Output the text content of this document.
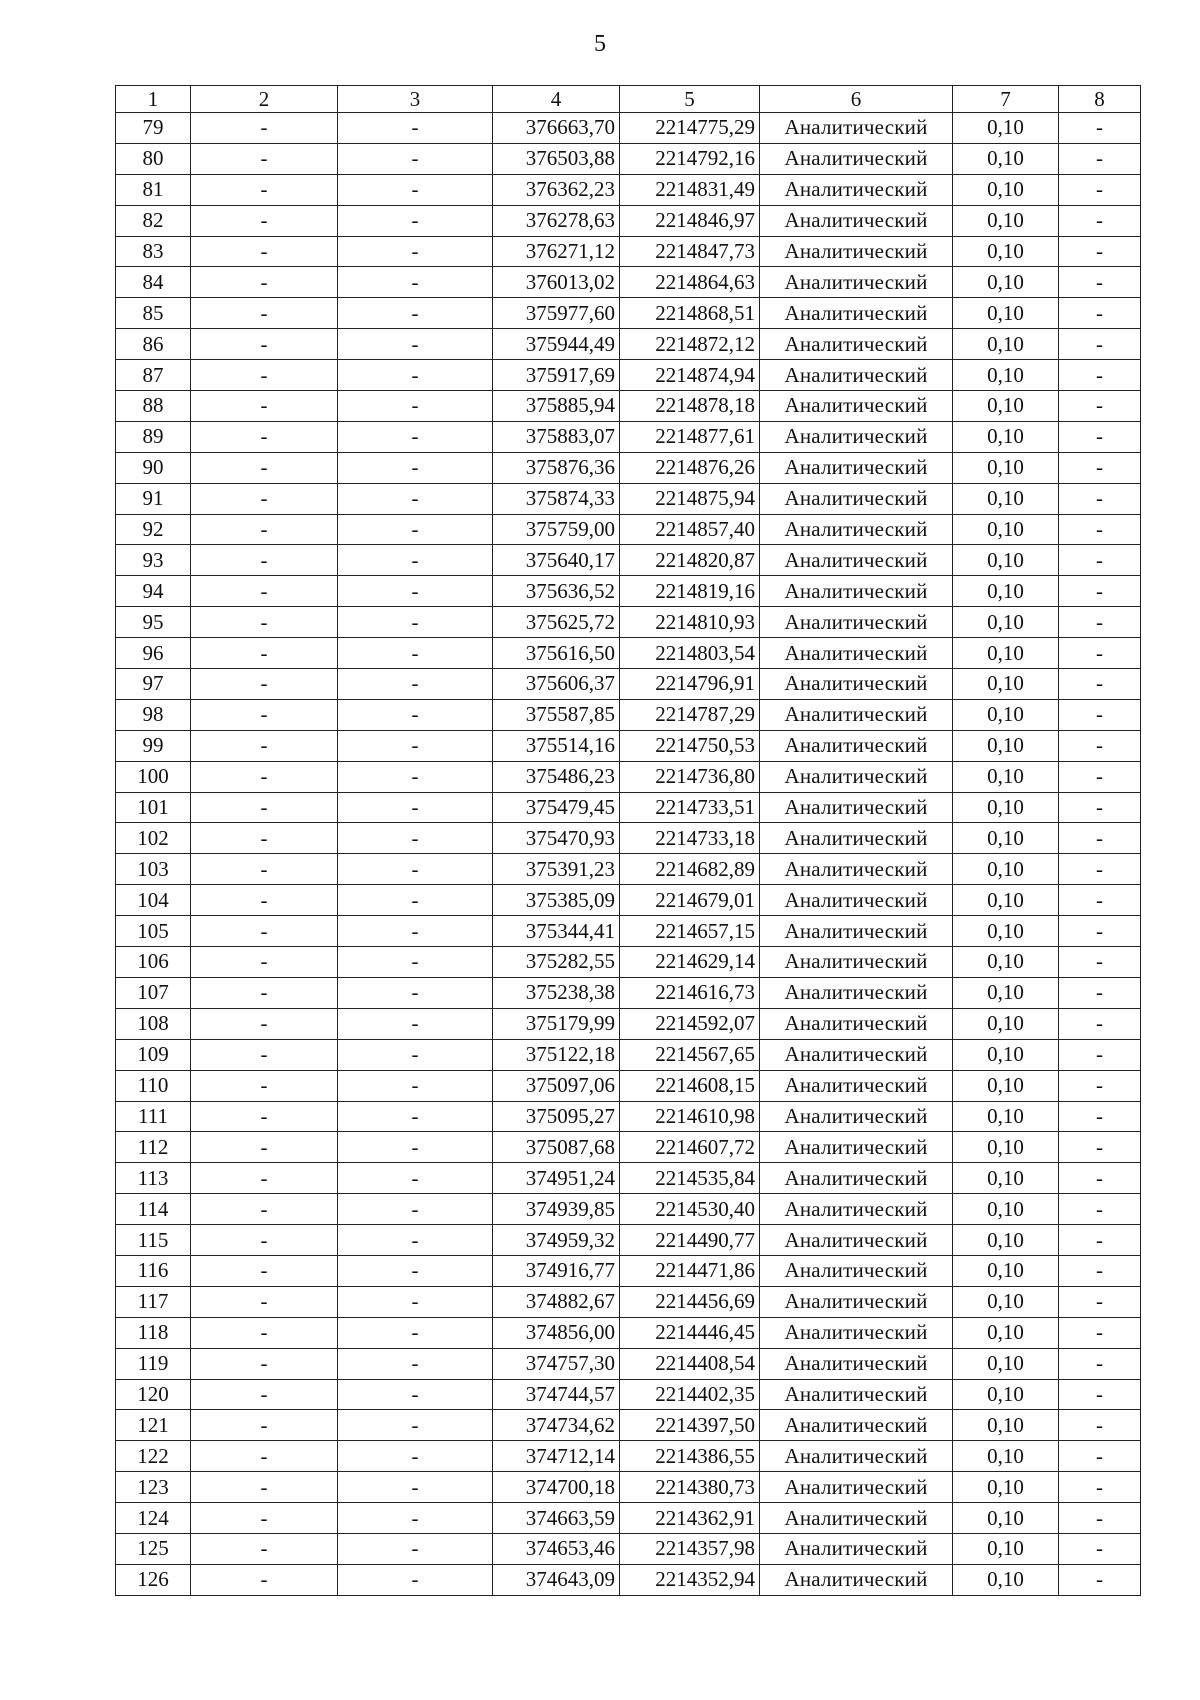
5
1	2	3	4	5	6	7	8
79	-	-	376663,70	2214775,29	Аналитический	0,10	-
80	-	-	376503,88	2214792,16	Аналитический	0,10	-
81	-	-	376362,23	2214831,49	Аналитический	0,10	-
82	-	-	376278,63	2214846,97	Аналитический	0,10	-
83	-	-	376271,12	2214847,73	Аналитический	0,10	-
84	-	-	376013,02	2214864,63	Аналитический	0,10	-
85	-	-	375977,60	2214868,51	Аналитический	0,10	-
86	-	-	375944,49	2214872,12	Аналитический	0,10	-
87	-	-	375917,69	2214874,94	Аналитический	0,10	-
88	-	-	375885,94	2214878,18	Аналитический	0,10	-
89	-	-	375883,07	2214877,61	Аналитический	0,10	-
90	-	-	375876,36	2214876,26	Аналитический	0,10	-
91	-	-	375874,33	2214875,94	Аналитический	0,10	-
92	-	-	375759,00	2214857,40	Аналитический	0,10	-
93	-	-	375640,17	2214820,87	Аналитический	0,10	-
94	-	-	375636,52	2214819,16	Аналитический	0,10	-
95	-	-	375625,72	2214810,93	Аналитический	0,10	-
96	-	-	375616,50	2214803,54	Аналитический	0,10	-
97	-	-	375606,37	2214796,91	Аналитический	0,10	-
98	-	-	375587,85	2214787,29	Аналитический	0,10	-
99	-	-	375514,16	2214750,53	Аналитический	0,10	-
100	-	-	375486,23	2214736,80	Аналитический	0,10	-
101	-	-	375479,45	2214733,51	Аналитический	0,10	-
102	-	-	375470,93	2214733,18	Аналитический	0,10	-
103	-	-	375391,23	2214682,89	Аналитический	0,10	-
104	-	-	375385,09	2214679,01	Аналитический	0,10	-
105	-	-	375344,41	2214657,15	Аналитический	0,10	-
106	-	-	375282,55	2214629,14	Аналитический	0,10	-
107	-	-	375238,38	2214616,73	Аналитический	0,10	-
108	-	-	375179,99	2214592,07	Аналитический	0,10	-
109	-	-	375122,18	2214567,65	Аналитический	0,10	-
110	-	-	375097,06	2214608,15	Аналитический	0,10	-
111	-	-	375095,27	2214610,98	Аналитический	0,10	-
112	-	-	375087,68	2214607,72	Аналитический	0,10	-
113	-	-	374951,24	2214535,84	Аналитический	0,10	-
114	-	-	374939,85	2214530,40	Аналитический	0,10	-
115	-	-	374959,32	2214490,77	Аналитический	0,10	-
116	-	-	374916,77	2214471,86	Аналитический	0,10	-
117	-	-	374882,67	2214456,69	Аналитический	0,10	-
118	-	-	374856,00	2214446,45	Аналитический	0,10	-
119	-	-	374757,30	2214408,54	Аналитический	0,10	-
120	-	-	374744,57	2214402,35	Аналитический	0,10	-
121	-	-	374734,62	2214397,50	Аналитический	0,10	-
122	-	-	374712,14	2214386,55	Аналитический	0,10	-
123	-	-	374700,18	2214380,73	Аналитический	0,10	-
124	-	-	374663,59	2214362,91	Аналитический	0,10	-
125	-	-	374653,46	2214357,98	Аналитический	0,10	-
126	-	-	374643,09	2214352,94	Аналитический	0,10	-
